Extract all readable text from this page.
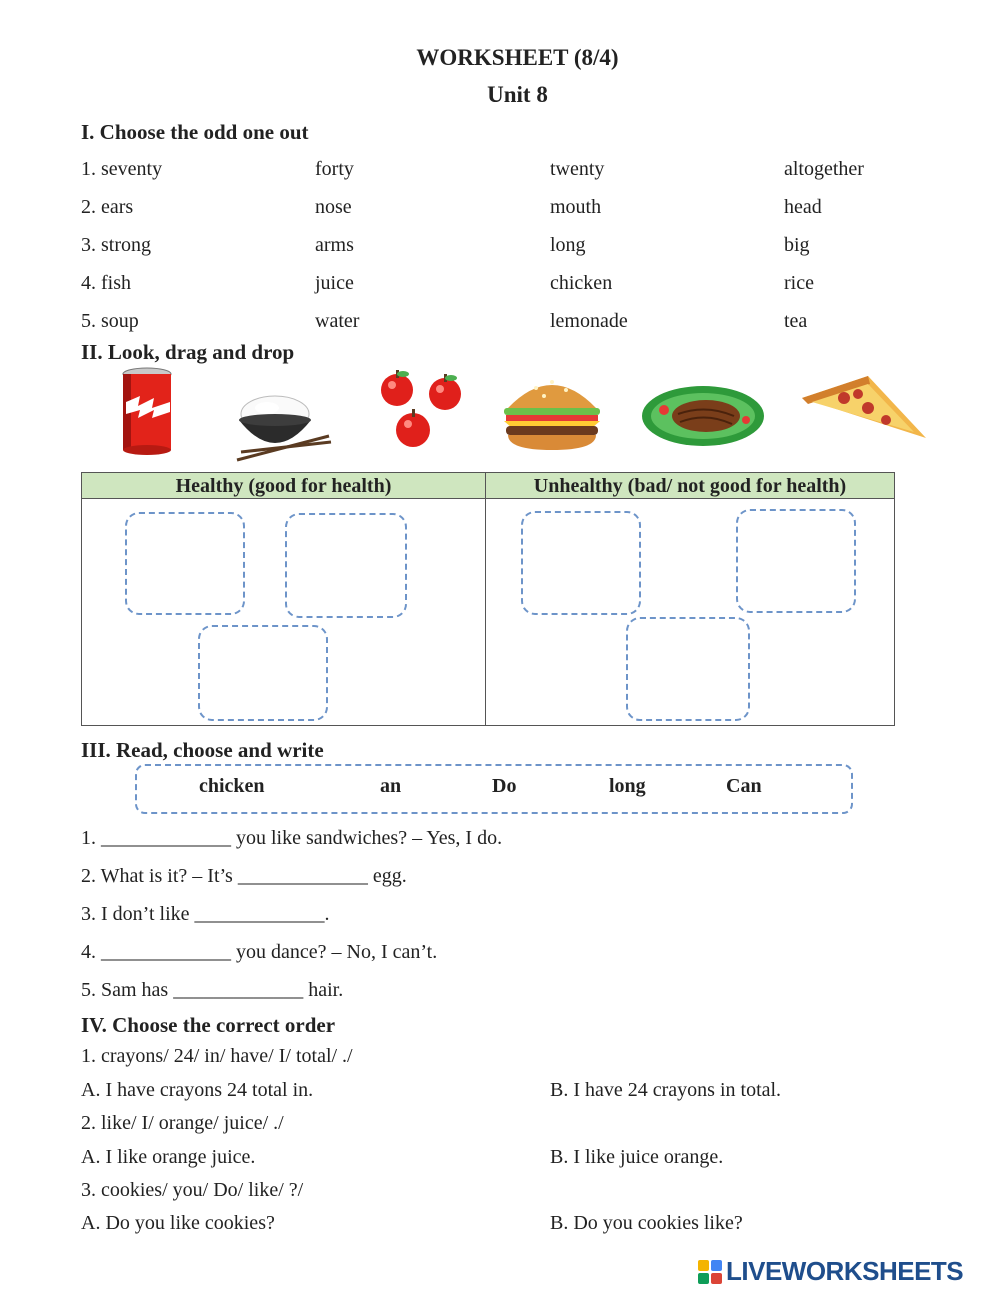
WORKSHEET (8/4)
Unit 8
I. Choose the odd one out
1. seventy	forty	twenty	altogether
2. ears	nose	mouth	head
3. strong	arms	long	big
4. fish	juice	chicken	rice
5. soup	water	lemonade	tea
II. Look, drag and drop
Healthy (good for health)	Unhealthy (bad/ not good for health)
III. Read, choose and write
chicken	an	Do	long	Can
1. _____________ you like sandwiches? – Yes, I do.
2. What is it? – It’s _____________ egg.
3. I don’t like _____________.
4. _____________ you dance? – No, I can’t.
5. Sam has _____________ hair.
IV. Choose the correct order
1. crayons/ 24/ in/ have/ I/ total/ ./
A. I have crayons 24 total in.	B. I have 24 crayons in total.
2. like/ I/ orange/ juice/ ./
A. I like orange juice.	B. I like juice orange.
3. cookies/ you/ Do/ like/ ?/
A. Do you like cookies?	B. Do you cookies like?
LIVEWORKSHEETS
